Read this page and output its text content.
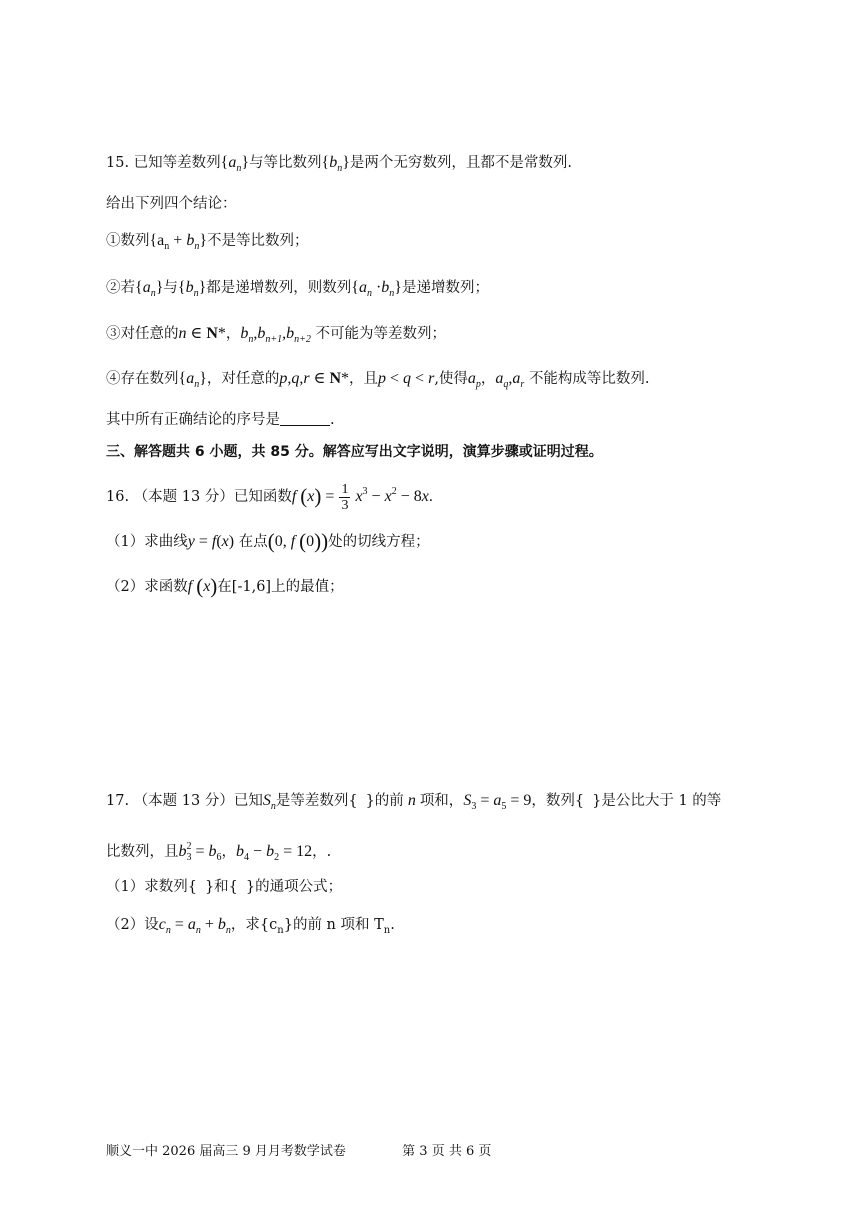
15. 已知等差数列$\{a_n\}$与等比数列$\{b_n\}$是两个无穷数列，且都不是常数列.
给出下列四个结论：
①数列$\{a_n + b_n\}$不是等比数列；
②若$\{a_n\}$与$\{b_n\}$都是递增数列，则数列$\{a_n \cdot b_n\}$是递增数列；
③对任意的n ∈ N*，$b_n,b_{n+1},b_{n+2}$ 不可能为等差数列；
④存在数列$\{a_n\}$，对任意的p,q,r ∈ N*，且p < q < r,使得$a_p$，$a_q,a_r$ 不能构成等比数列.
其中所有正确结论的序号是	.
三、解答题共 6 小题，共 85 分。解答应写出文字说明，演算步骤或证明过程。
16. （本题 13 分）已知函数f $(x) = \frac{1}{3} x^3 - x^2 - 8x$.
（1）求曲线y = f(x) 在点(0, f (0))处的切线方程；
（2）求函数f (x)在[-1,6]上的最值；
17. （本题 13 分）已知$S_n$是等差数列{ }的前 n 项和，$S_3 = a_5 = 9$，数列{ }是公比大于 1 的等
比数列，且$b_3^2 = b_6$，$b_4 - b_2 = 12$，.
（1）求数列{ }和{ }的通项公式；
（2）设$c_n = a_n + b_n$，求$\{c_n\}$的前 n 项和 $T_n$.
顺义一中 2026 届高三 9 月月考数学试卷	第 3 页 共 6 页
